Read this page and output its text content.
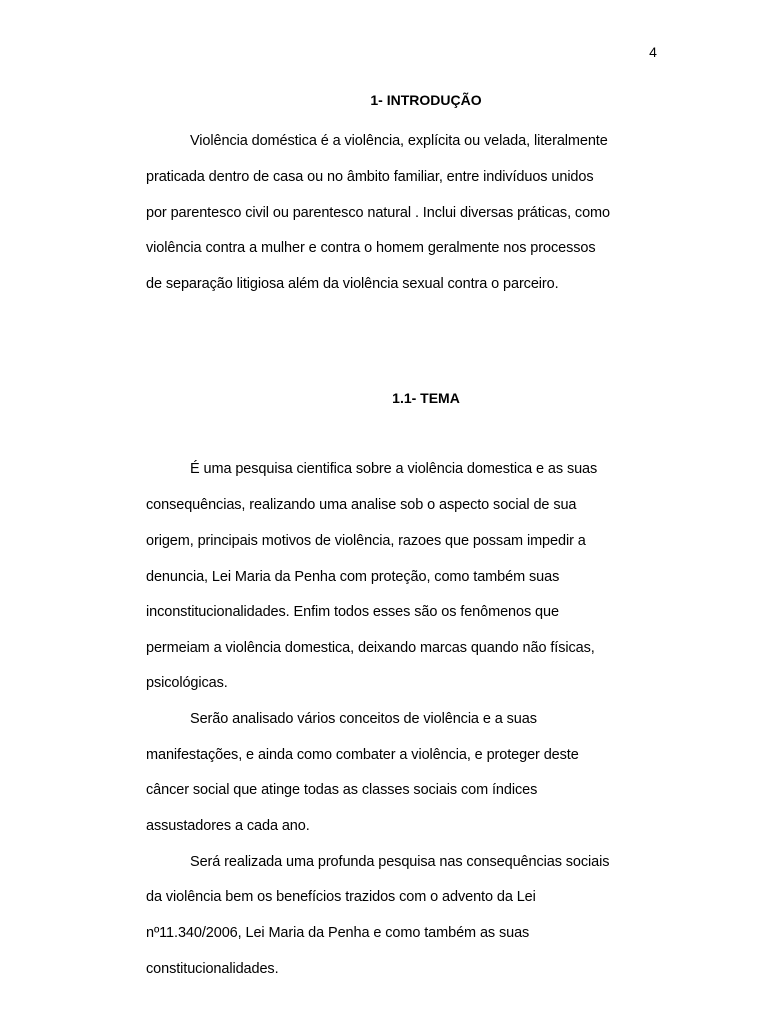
4
1- INTRODUÇÃO
Violência doméstica é a violência, explícita ou velada, literalmente
praticada dentro de casa ou no âmbito familiar, entre indivíduos unidos
por parentesco civil ou parentesco natural . Inclui diversas práticas, como
violência contra a mulher e contra o homem geralmente nos processos
de separação litigiosa além da violência sexual contra o parceiro.
1.1- TEMA
É uma pesquisa cientifica sobre a violência domestica e as suas
consequências, realizando uma analise sob o aspecto social de sua
origem, principais motivos de violência, razoes que possam impedir a
denuncia, Lei Maria da Penha com proteção, como também suas
inconstitucionalidades. Enfim todos esses são os fenômenos que
permeiam a violência domestica, deixando marcas quando não físicas,
psicológicas.
Serão analisado vários conceitos de violência e a suas
manifestações, e ainda como combater a violência, e proteger deste
câncer social que atinge todas as classes sociais com índices
assustadores a cada ano.
Será realizada uma profunda pesquisa nas consequências sociais
da violência bem os benefícios trazidos com o advento da Lei
nº11.340/2006, Lei Maria da Penha e como também as suas
constitucionalidades.
